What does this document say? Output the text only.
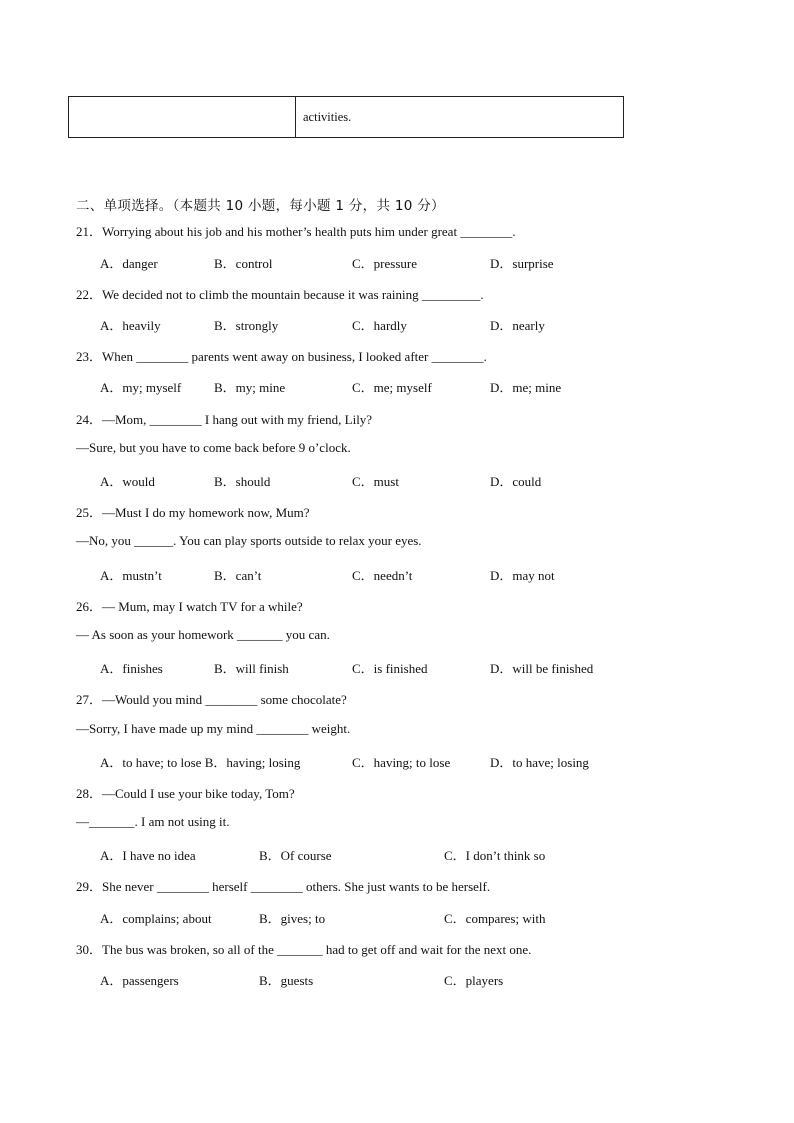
activities.
二、单项选择。（本题共 10 小题，每小题 1 分，共 10 分）
21．Worrying about his job and his mother’s health puts him under great ________.
A．danger	B．control	C．pressure	D．surprise
22．We decided not to climb the mountain because it was raining _________.
A．heavily	B．strongly	C．hardly	D．nearly
23．When ________ parents went away on business, I looked after ________.
A．my; myself	B．my; mine	C．me; myself	D．me; mine
24．—Mom, ________ I hang out with my friend, Lily?
—Sure, but you have to come back before 9 o’clock.
A．would	B．should	C．must	D．could
25．—Must I do my homework now, Mum?
—No, you ______. You can play sports outside to relax your eyes.
A．mustn’t	B．can’t	C．needn’t	D．may not
26．— Mum, may I watch TV for a while?
— As soon as your homework _______ you can.
A．finishes	B．will finish	C．is finished	D．will be finished
27．—Would you mind ________ some chocolate?
—Sorry, I have made up my mind ________ weight.
A．to have; to lose B．having; losing	C．having; to lose	D．to have; losing
28．—Could I use your bike today, Tom?
—_______. I am not using it.
A．I have no idea	B．Of course	C．I don’t think so
29．She never ________ herself ________ others. She just wants to be herself.
A．complains; about	B．gives; to	C．compares; with
30．The bus was broken, so all of the _______ had to get off and wait for the next one.
A．passengers	B．guests	C．players
